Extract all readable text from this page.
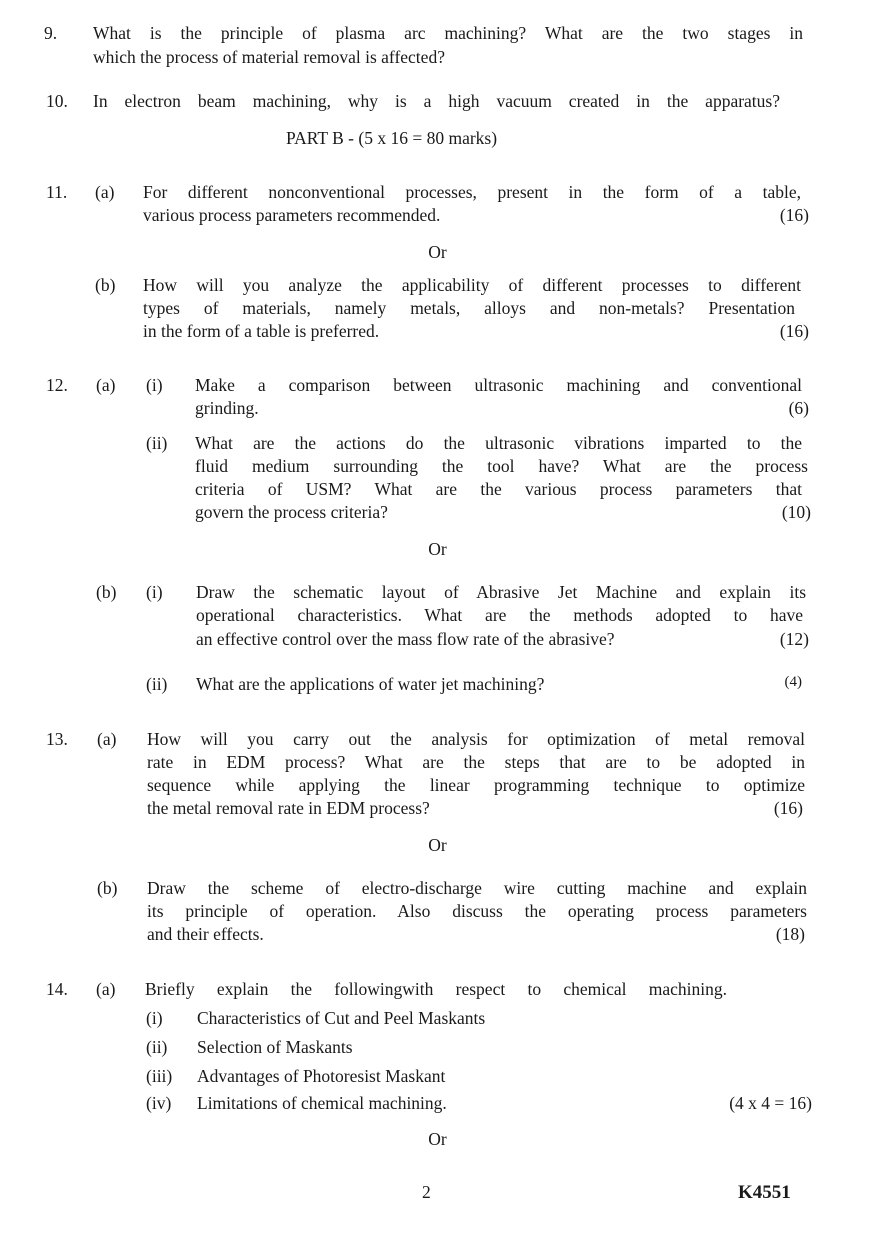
9. What is the principle of plasma arc machining? What are the two stages in
which the process of material removal is affected?
10. In electron beam machining, why is a high vacuum created in the apparatus?
PART B - (5 x 16 = 80 marks)
11. (a) For different nonconventional processes, present in the form of a table,
various process parameters recommended.	(16)
Or
(b) How will you analyze the applicability of different processes to different
types of materials, namely metals, alloys and non-metals? Presentation
in the form of a table is preferred.	(16)
12. (a) (i) Make a comparison between ultrasonic machining and conventional
grinding.	(6)
(ii) What are the actions do the ultrasonic vibrations imparted to the
fluid medium surrounding the tool have? What are the process
criteria of USM? What are the various process parameters that
govern the process criteria?	(10)
Or
(b) (i) Draw the schematic layout of Abrasive Jet Machine and explain its
operational characteristics. What are the methods adopted to have
an effective control over the mass flow rate of the abrasive?	(12)
(ii) What are the applications of water jet machining?	(4)
13. (a) How will you carry out the analysis for optimization of metal removal
rate in EDM process? What are the steps that are to be adopted in
sequence while applying the linear programming technique to optimize
the metal removal rate in EDM process?	(16)
Or
(b) Draw the scheme of electro-discharge wire cutting machine and explain
its principle of operation. Also discuss the operating process parameters
and their effects.	(18)
14. (a) Briefly explain the followingwith respect to chemical machining.
(i) Characteristics of Cut and Peel Maskants
(ii) Selection of Maskants
(iii) Advantages of Photoresist Maskant
(iv) Limitations of chemical machining.	(4 x 4 = 16)
Or
2	K4551
